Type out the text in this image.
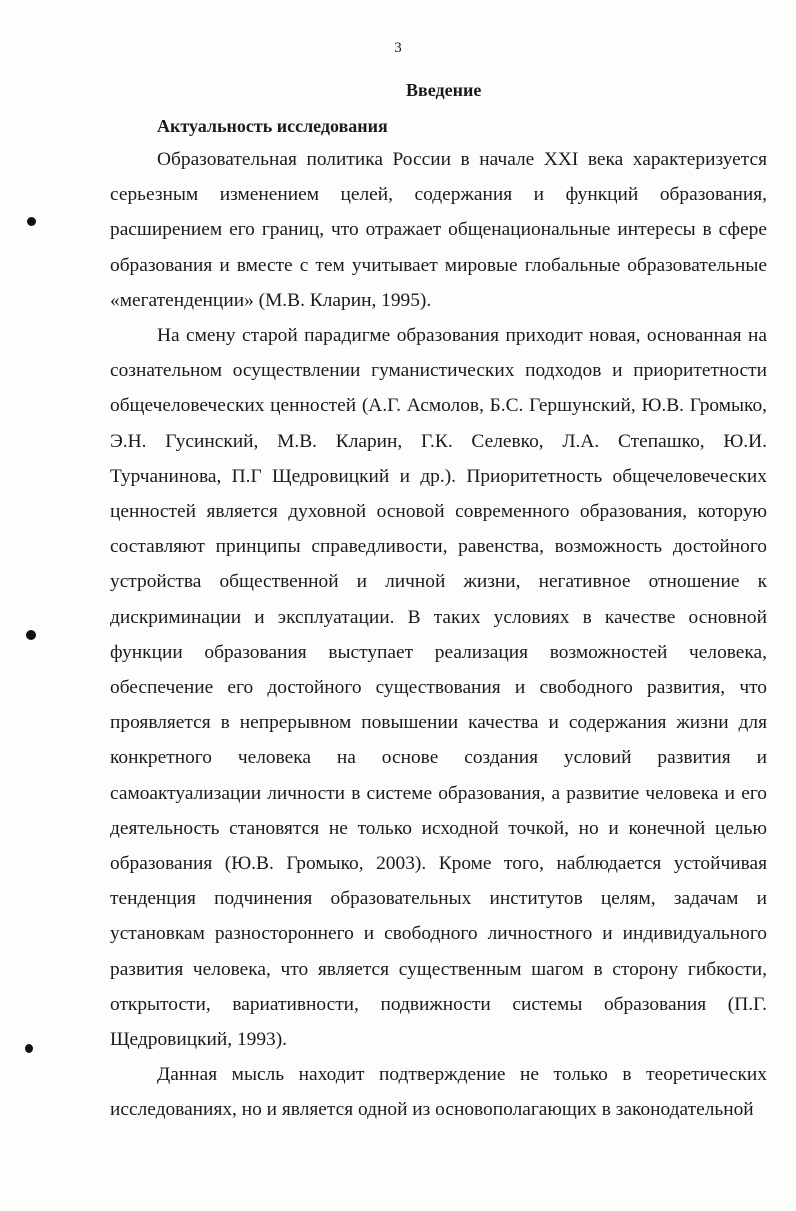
3
Введение
Актуальность исследования

Образовательная политика России в начале XXI века характеризуется серьезным изменением целей, содержания и функций образования, расширением его границ, что отражает общенациональные интересы в сфере образования и вместе с тем учитывает мировые глобальные образовательные «мегатенденции» (М.В. Кларин, 1995).

На смену старой парадигме образования приходит новая, основанная на сознательном осуществлении гуманистических подходов и приоритетности общечеловеческих ценностей (А.Г. Асмолов, Б.С. Гершунский, Ю.В. Громыко, Э.Н. Гусинский, М.В. Кларин, Г.К. Селевко, Л.А. Степашко, Ю.И. Турчанинова, П.Г Щедровицкий и др.). Приоритетность общечеловеческих ценностей является духовной основой современного образования, которую составляют принципы справедливости, равенства, возможность достойного устройства общественной и личной жизни, негативное отношение к дискриминации и эксплуатации. В таких условиях в качестве основной функции образования выступает реализация возможностей человека, обеспечение его достойного существования и свободного развития, что проявляется в непрерывном повышении качества и содержания жизни для конкретного человека на основе создания условий развития и самоактуализации личности в системе образования, а развитие человека и его деятельность становятся не только исходной точкой, но и конечной целью образования (Ю.В. Громыко, 2003). Кроме того, наблюдается устойчивая тенденция подчинения образовательных институтов целям, задачам и установкам разностороннего и свободного личностного и индивидуального развития человека, что является существенным шагом в сторону гибкости, открытости, вариативности, подвижности системы образования (П.Г. Щедровицкий, 1993).

Данная мысль находит подтверждение не только в теоретических исследованиях, но и является одной из основополагающих в законодательной
